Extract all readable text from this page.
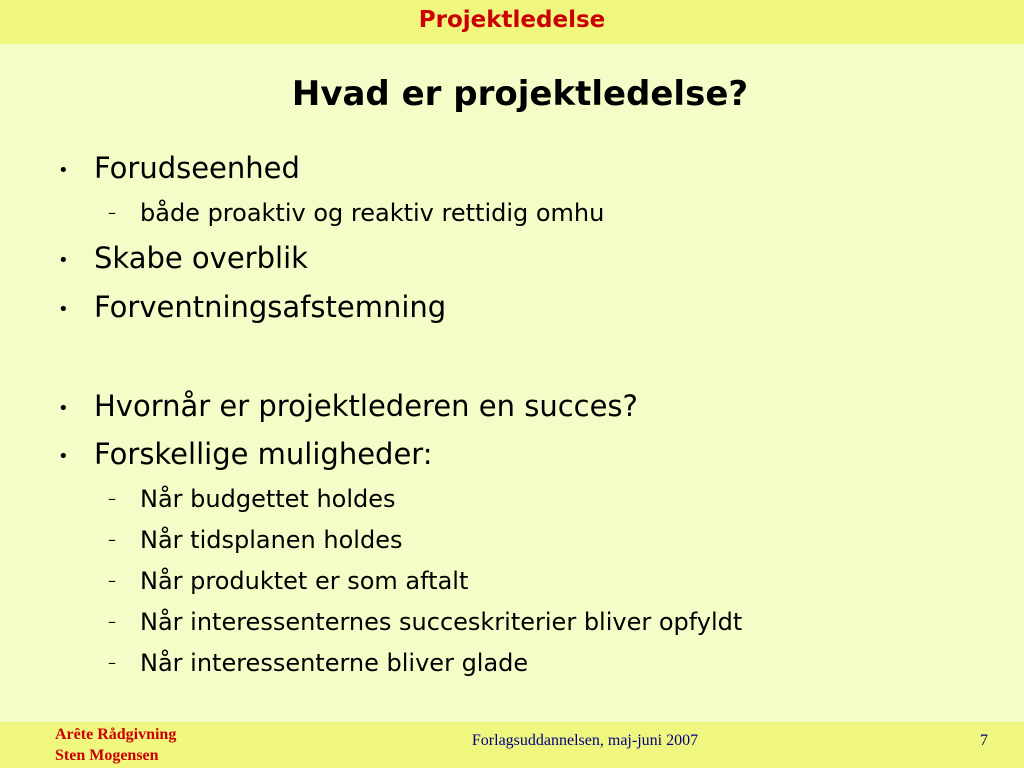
Projektledelse
Hvad er projektledelse?
• Forudseenhed
– både proaktiv og reaktiv rettidig omhu
• Skabe overblik
• Forventningsafstemning
• Hvornår er projektlederen en succes?
• Forskellige muligheder:
– Når budgettet holdes
– Når tidsplanen holdes
– Når produktet er som aftalt
– Når interessenternes succeskriterier bliver opfyldt
– Når interessenterne bliver glade
Arête Rådgivning
Sten Mogensen
Forlagsuddannelsen, maj-juni 2007	7
